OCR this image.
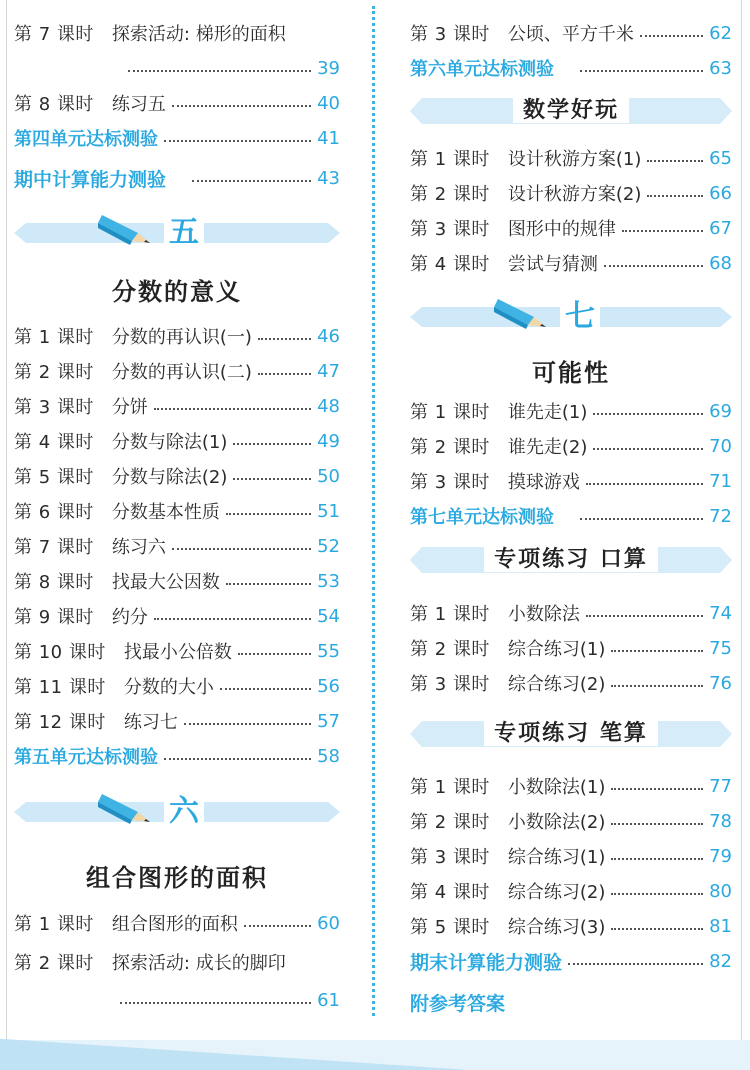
第 7 课时 探索活动: 梯形的面积
39
第 8 课时 练习五	40
第四单元达标测验	41
期中计算能力测验	43
五
分数的意义
第 1 课时 分数的再认识(一)	46
第 2 课时 分数的再认识(二)	47
第 3 课时 分饼	48
第 4 课时 分数与除法(1)	49
第 5 课时 分数与除法(2)	50
第 6 课时 分数基本性质	51
第 7 课时 练习六	52
第 8 课时 找最大公因数	53
第 9 课时 约分	54
第 10 课时 找最小公倍数	55
第 11 课时 分数的大小	56
第 12 课时 练习七	57
第五单元达标测验	58
六
组合图形的面积
第 1 课时 组合图形的面积	60
第 2 课时 探索活动: 成长的脚印
61
第 3 课时 公顷、平方千米	62
第六单元达标测验	63
数学好玩
第 1 课时 设计秋游方案(1)	65
第 2 课时 设计秋游方案(2)	66
第 3 课时 图形中的规律	67
第 4 课时 尝试与猜测	68
七
可能性
第 1 课时 谁先走(1)	69
第 2 课时 谁先走(2)	70
第 3 课时 摸球游戏	71
第七单元达标测验	72
专项练习 口算
第 1 课时 小数除法	74
第 2 课时 综合练习(1)	75
第 3 课时 综合练习(2)	76
专项练习 笔算
第 1 课时 小数除法(1)	77
第 2 课时 小数除法(2)	78
第 3 课时 综合练习(1)	79
第 4 课时 综合练习(2)	80
第 5 课时 综合练习(3)	81
期末计算能力测验	82
附参考答案
